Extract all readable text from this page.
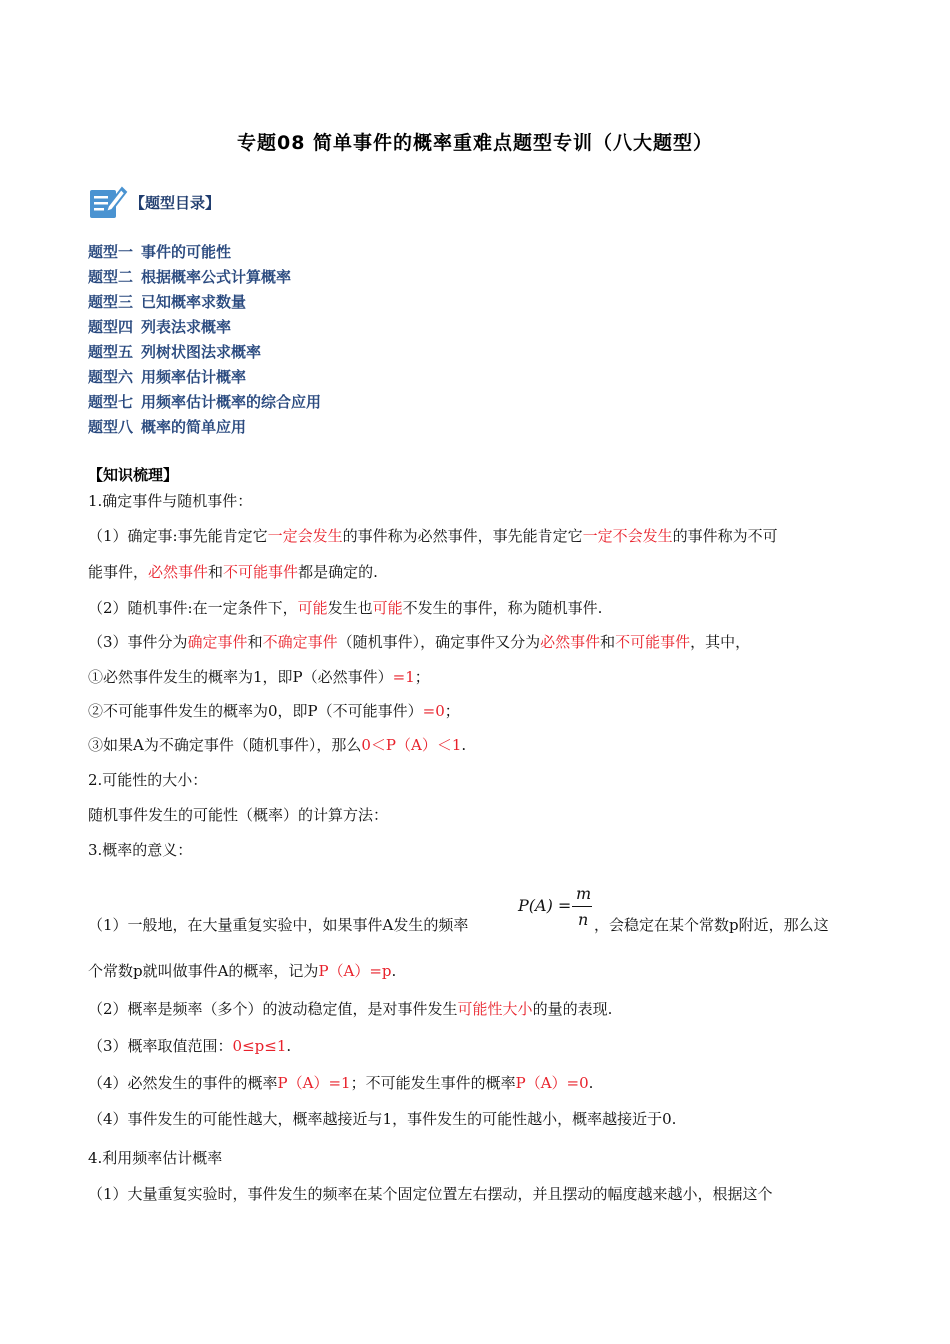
专题08 简单事件的概率重难点题型专训（八大题型）
【题型目录】
题型一 事件的可能性
题型二 根据概率公式计算概率
题型三 已知概率求数量
题型四 列表法求概率
题型五 列树状图法求概率
题型六 用频率估计概率
题型七 用频率估计概率的综合应用
题型八 概率的简单应用
【知识梳理】
1.确定事件与随机事件：
（1）确定事:事先能肯定它一定会发生的事件称为必然事件，事先能肯定它一定不会发生的事件称为不可
能事件，必然事件和不可能事件都是确定的.
（2）随机事件:在一定条件下，可能发生也可能不发生的事件，称为随机事件.
（3）事件分为确定事件和不确定事件（随机事件），确定事件又分为必然事件和不可能事件，其中，
①必然事件发生的概率为1，即P（必然事件）=1；
②不可能事件发生的概率为0，即P（不可能事件）=0；
③如果A为不确定事件（随机事件），那么0＜P（A）＜1.
2.可能性的大小：
随机事件发生的可能性（概率）的计算方法：
3.概率的意义：
（1）一般地，在大量重复实验中，如果事件A发生的频率
P(A) =
m
n ，会稳定在某个常数p附近，那么这
个常数p就叫做事件A的概率，记为P（A）=p.
（2）概率是频率（多个）的波动稳定值，是对事件发生可能性大小的量的表现.
（3）概率取值范围：0≤p≤1.
（4）必然发生的事件的概率P（A）=1；不可能发生事件的概率P（A）=0.
（4）事件发生的可能性越大，概率越接近与1，事件发生的可能性越小，概率越接近于0.
4.利用频率估计概率
（1）大量重复实验时，事件发生的频率在某个固定位置左右摆动，并且摆动的幅度越来越小，根据这个
